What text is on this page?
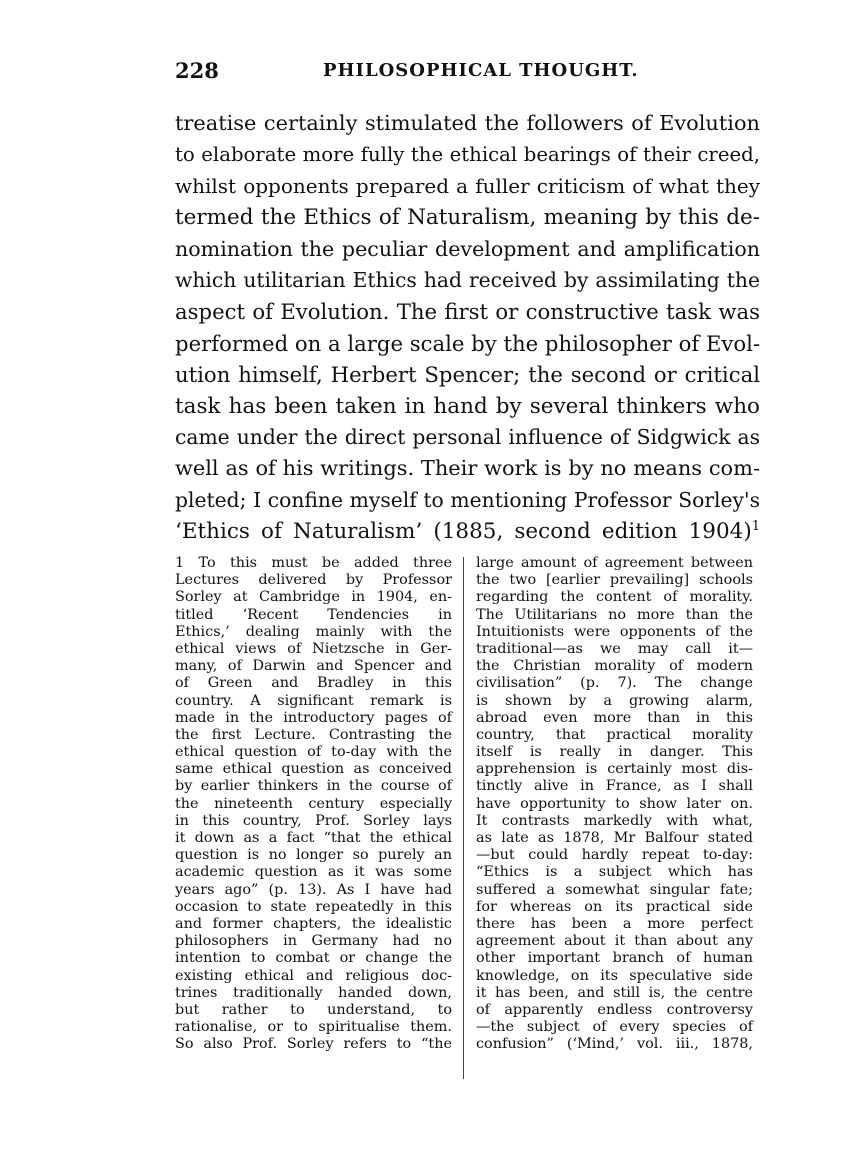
228	PHILOSOPHICAL THOUGHT.
treatise certainly stimulated the followers of Evolution
to elaborate more fully the ethical bearings of their creed,
whilst opponents prepared a fuller criticism of what they
termed the Ethics of Naturalism, meaning by this de-
nomination the peculiar development and amplification
which utilitarian Ethics had received by assimilating the
aspect of Evolution. The first or constructive task was
performed on a large scale by the philosopher of Evol-
ution himself, Herbert Spencer; the second or critical
task has been taken in hand by several thinkers who
came under the direct personal influence of Sidgwick as
well as of his writings. Their work is by no means com-
pleted; I confine myself to mentioning Professor Sorley's
‘Ethics of Naturalism’ (1885, second edition 1904)$^1$
1 To this must be added three
Lectures delivered by Professor
Sorley at Cambridge in 1904, en-
titled ‘Recent Tendencies in
Ethics,’ dealing mainly with the
ethical views of Nietzsche in Ger-
many, of Darwin and Spencer and
of Green and Bradley in this
country. A significant remark is
made in the introductory pages of
the first Lecture. Contrasting the
ethical question of to-day with the
same ethical question as conceived
by earlier thinkers in the course of
the nineteenth century especially
in this country, Prof. Sorley lays
it down as a fact “that the ethical
question is no longer so purely an
academic question as it was some
years ago” (p. 13). As I have had
occasion to state repeatedly in this
and former chapters, the idealistic
philosophers in Germany had no
intention to combat or change the
existing ethical and religious doc-
trines traditionally handed down,
but rather to understand, to
rationalise, or to spiritualise them.
So also Prof. Sorley refers to “the
large amount of agreement between
the two [earlier prevailing] schools
regarding the content of morality.
The Utilitarians no more than the
Intuitionists were opponents of the
traditional—as we may call it—
the Christian morality of modern
civilisation” (p. 7). The change
is shown by a growing alarm,
abroad even more than in this
country, that practical morality
itself is really in danger. This
apprehension is certainly most dis-
tinctly alive in France, as I shall
have opportunity to show later on.
It contrasts markedly with what,
as late as 1878, Mr Balfour stated
—but could hardly repeat to-day:
“Ethics is a subject which has
suffered a somewhat singular fate;
for whereas on its practical side
there has been a more perfect
agreement about it than about any
other important branch of human
knowledge, on its speculative side
it has been, and still is, the centre
of apparently endless controversy
—the subject of every species of
confusion” (‘Mind,’ vol. iii., 1878,
